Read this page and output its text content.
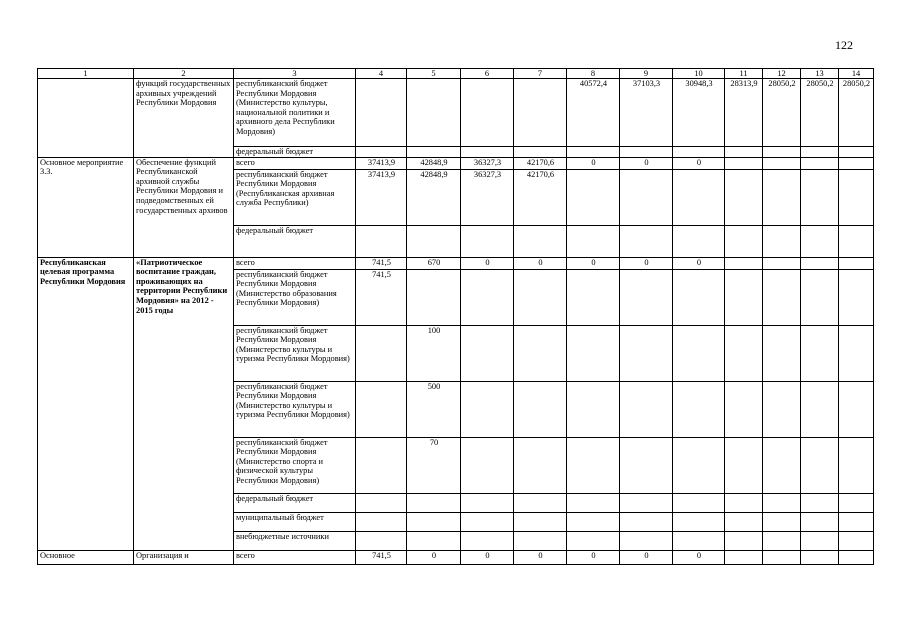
122
1	2	3	4	5	6	7	8	9	10	11	12	13	14
	функций государственных архивных учреждений Республики Мордовия	республиканский бюджет Республики Мордовия (Министерство культуры, национальной политики и архивного дела Республики Мордовия)					40572,4	37103,3	30948,3	28313,9	28050,2	28050,2	28050,2
		федеральный бюджет											
Основное мероприятие 3.3.	Обеспечение функций Республиканской архивной службы Республики Мордовия и подведомственных ей государственных архивов	всего	37413,9	42848,9	36327,3	42170,6	0	0	0				
		республиканский бюджет Республики Мордовия (Республиканская архивная служба Республики)	37413,9	42848,9	36327,3	42170,6							
		федеральный бюджет											
Республиканская целевая программа Республики Мордовия	«Патриотическое воспитание граждан, проживающих на территории Республики Мордовия» на 2012 - 2015 годы	всего	741,5	670	0	0	0	0	0				
		республиканский бюджет Республики Мордовия (Министерство образования Республики Мордовия)	741,5										
		республиканский бюджет Республики Мордовия (Министерство культуры и туризма Республики Мордовия)		100									
		республиканский бюджет Республики Мордовия (Министерство культуры и туризма Республики Мордовия)		500									
		республиканский бюджет Республики Мордовия (Министерство спорта и физической культуры Республики Мордовия)		70									
		федеральный бюджет											
		муниципальный бюджет											
		внебюджетные источники											
Основное	Организация и	всего	741,5	0	0	0	0	0	0				
